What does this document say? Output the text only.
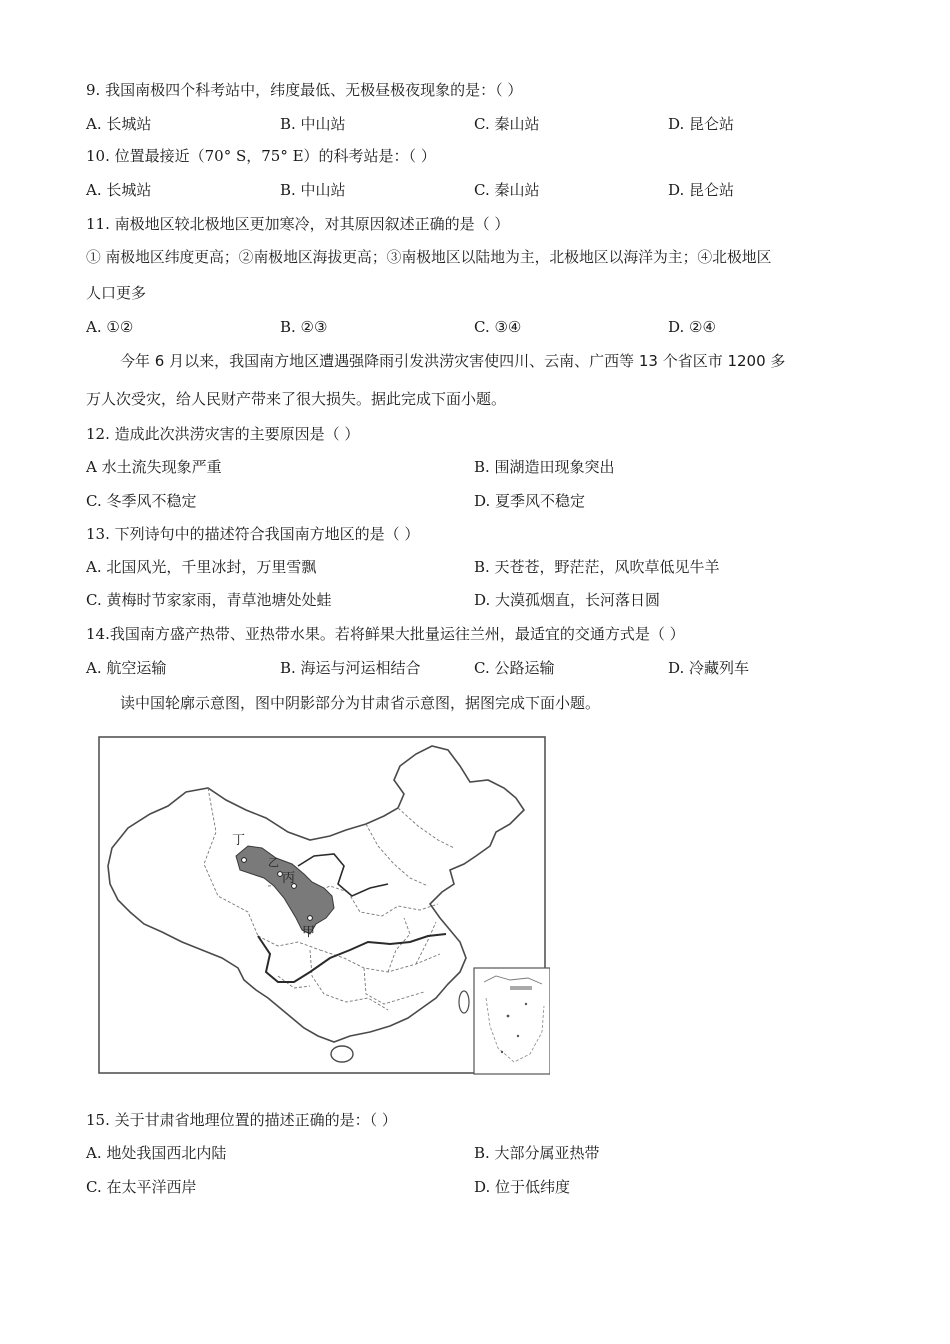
9. 我国南极四个科考站中，纬度最低、无极昼极夜现象的是：（ ）
A. 长城站	B. 中山站	C. 秦山站	D. 昆仑站
10. 位置最接近（70° S，75° E）的科考站是：（ ）
A. 长城站	B. 中山站	C. 秦山站	D. 昆仑站
11. 南极地区较北极地区更加寒冷，对其原因叙述正确的是（ ）
① 南极地区纬度更高；②南极地区海拔更高；③南极地区以陆地为主，北极地区以海洋为主；④北极地区
人口更多
A. ①②	B. ②③	C. ③④	D. ②④
今年 6 月以来，我国南方地区遭遇强降雨引发洪涝灾害使四川、云南、广西等 13 个省区市 1200 多
万人次受灾，给人民财产带来了很大损失。据此完成下面小题。
12. 造成此次洪涝灾害的主要原因是（ ）
A 水土流失现象严重	B. 围湖造田现象突出
C. 冬季风不稳定	D. 夏季风不稳定
13. 下列诗句中的描述符合我国南方地区的是（ ）
A. 北国风光，千里冰封，万里雪飘	B. 天苍苍，野茫茫，风吹草低见牛羊
C. 黄梅时节家家雨，青草池塘处处蛙	D. 大漠孤烟直，长河落日圆
14.我国南方盛产热带、亚热带水果。若将鲜果大批量运往兰州，最适宜的交通方式是（ ）
A. 航空运输	B. 海运与河运相结合	C. 公路运输	D. 冷藏列车
读中国轮廓示意图，图中阴影部分为甘肃省示意图，据图完成下面小题。
丁
丙
甲
乙
15. 关于甘肃省地理位置的描述正确的是：（ ）
A. 地处我国西北内陆	B. 大部分属亚热带
C. 在太平洋西岸	D. 位于低纬度
